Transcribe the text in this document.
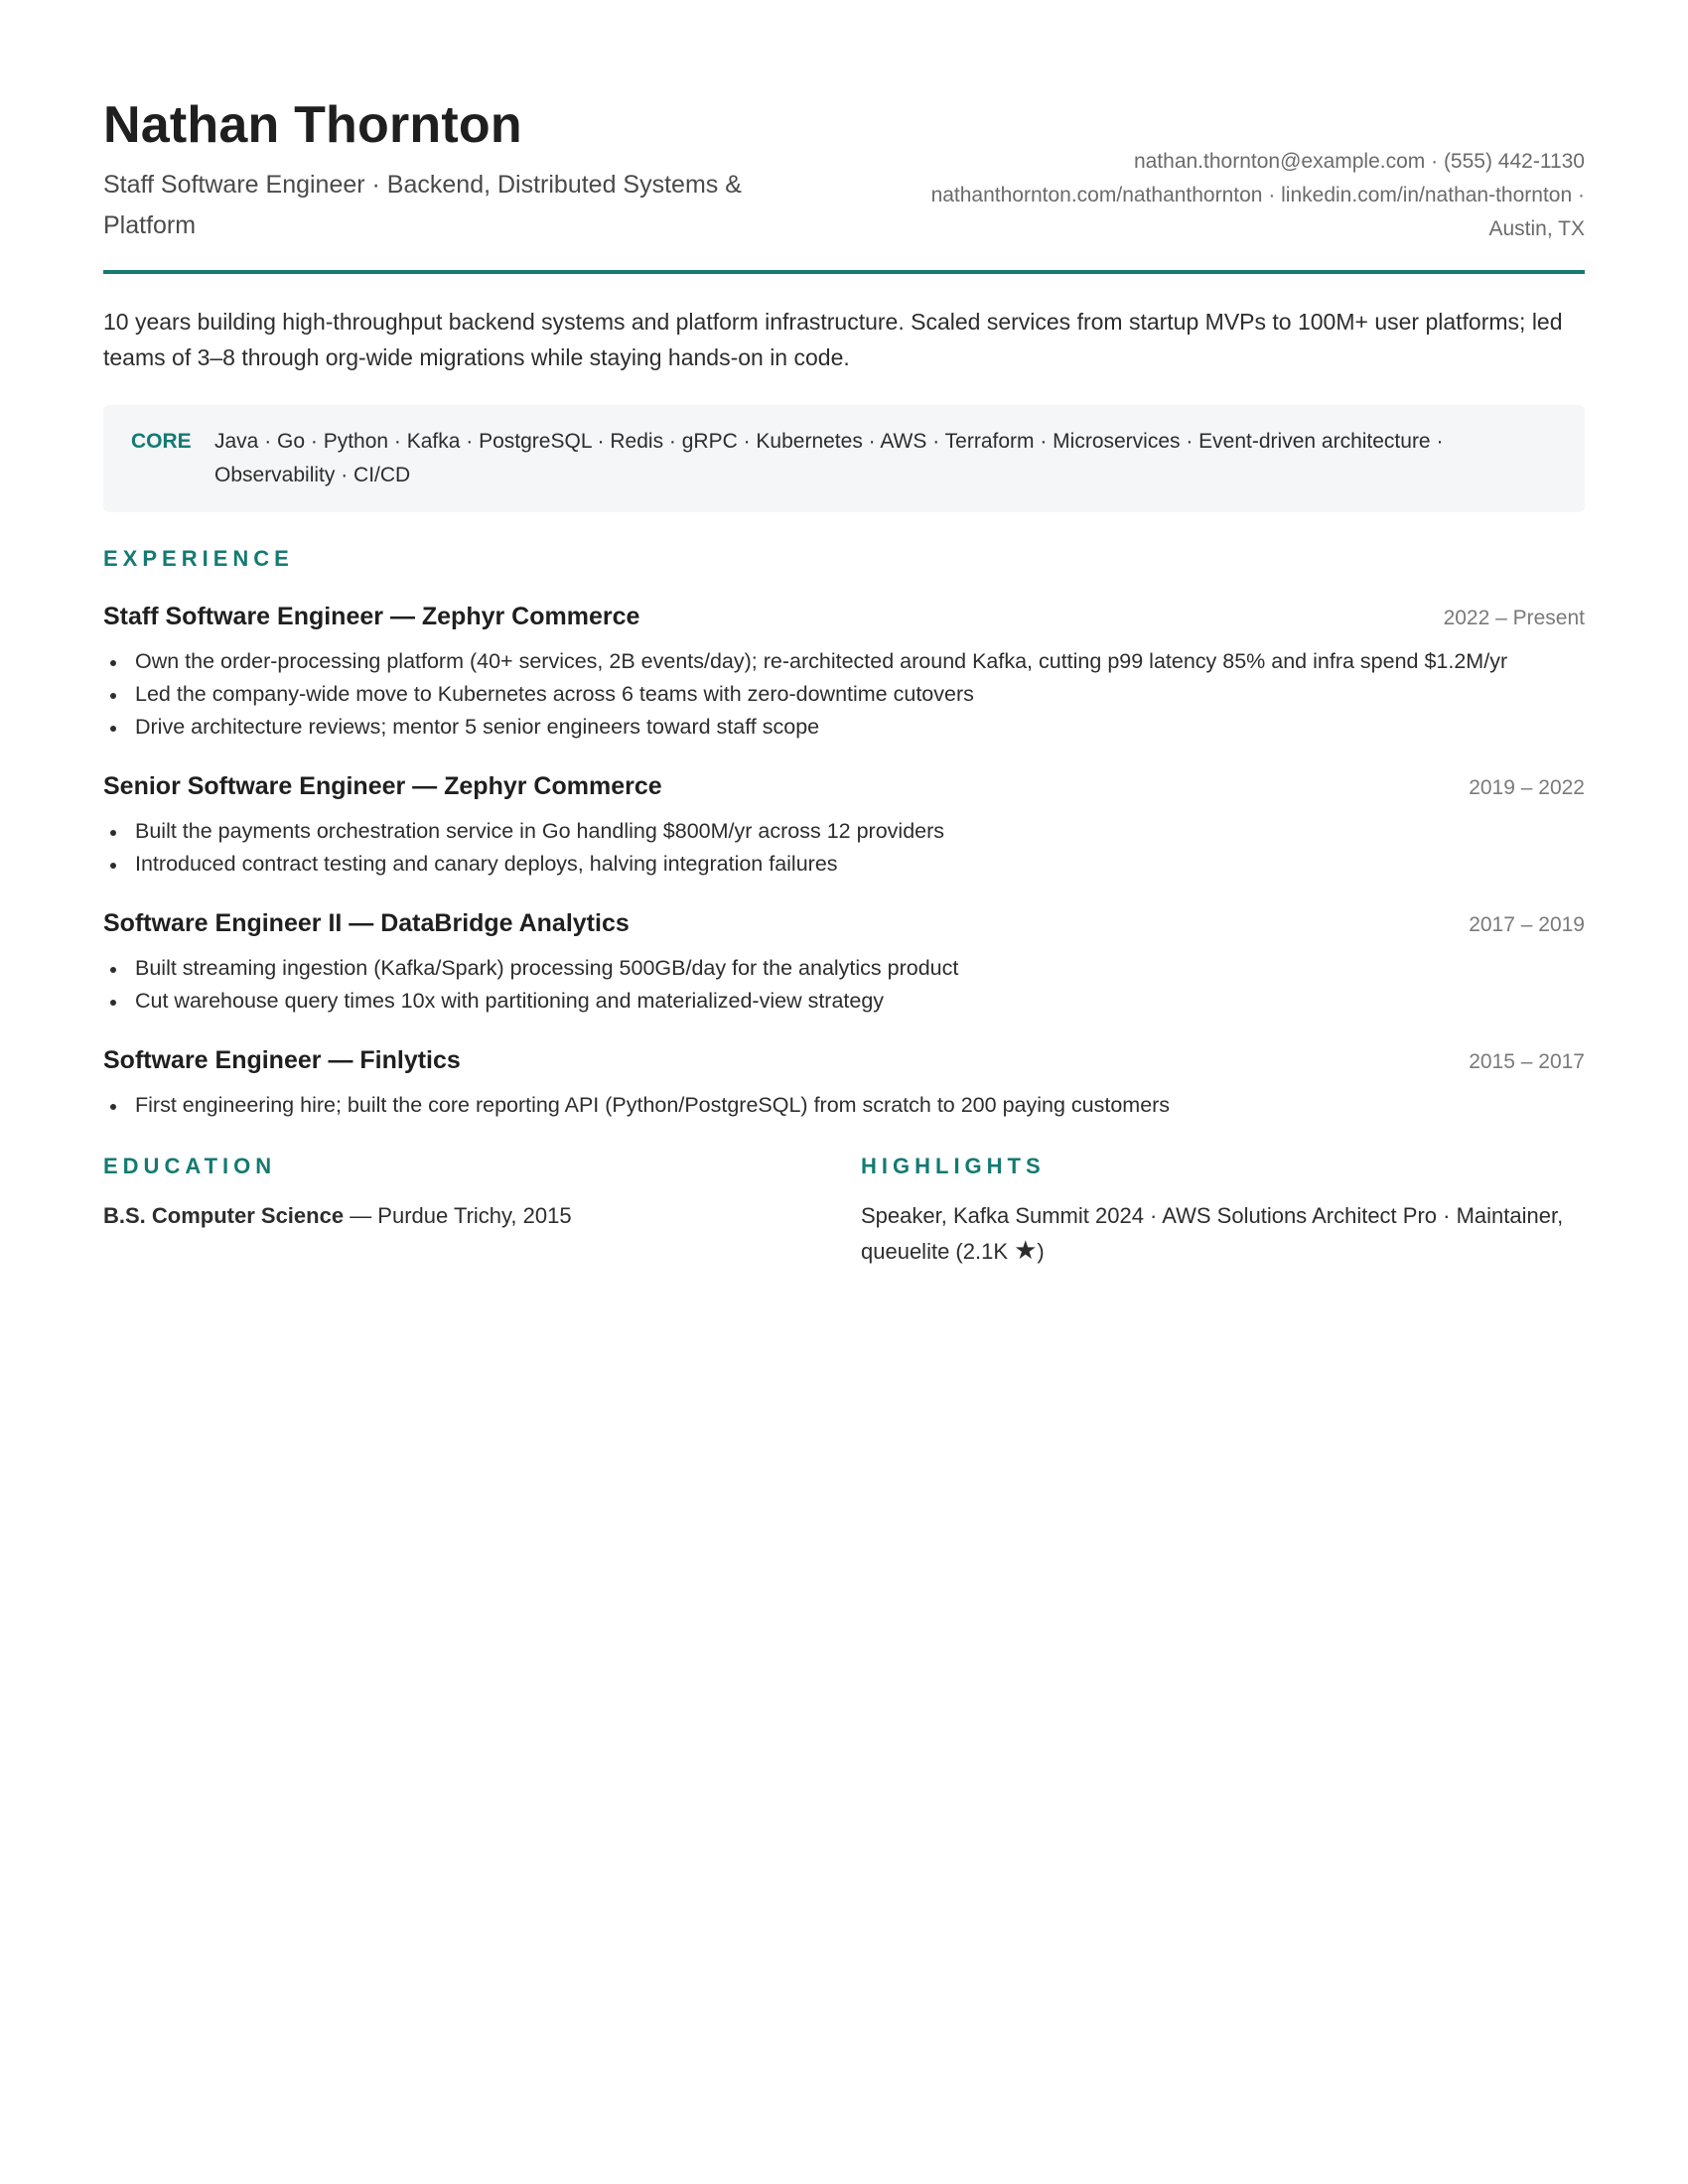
Nathan Thornton
Staff Software Engineer · Backend, Distributed Systems & Platform
nathan.thornton@example.com · (555) 442-1130
nathanthornton.com/nathanthornton · linkedin.com/in/nathan-thornton ·
Austin, TX
10 years building high-throughput backend systems and platform infrastructure. Scaled services from startup MVPs to 100M+ user platforms; led teams of 3–8 through org-wide migrations while staying hands-on in code.
CORE	Java · Go · Python · Kafka · PostgreSQL · Redis · gRPC · Kubernetes · AWS · Terraform · Microservices · Event-driven architecture · Observability · CI/CD
EXPERIENCE
Staff Software Engineer — Zephyr Commerce	2022 – Present
Own the order-processing platform (40+ services, 2B events/day); re-architected around Kafka, cutting p99 latency 85% and infra spend $1.2M/yr
Led the company-wide move to Kubernetes across 6 teams with zero-downtime cutovers
Drive architecture reviews; mentor 5 senior engineers toward staff scope
Senior Software Engineer — Zephyr Commerce	2019 – 2022
Built the payments orchestration service in Go handling $800M/yr across 12 providers
Introduced contract testing and canary deploys, halving integration failures
Software Engineer II — DataBridge Analytics	2017 – 2019
Built streaming ingestion (Kafka/Spark) processing 500GB/day for the analytics product
Cut warehouse query times 10x with partitioning and materialized-view strategy
Software Engineer — Finlytics	2015 – 2017
First engineering hire; built the core reporting API (Python/PostgreSQL) from scratch to 200 paying customers
EDUCATION
B.S. Computer Science — Purdue Trichy, 2015
HIGHLIGHTS
Speaker, Kafka Summit 2024 · AWS Solutions Architect Pro · Maintainer, queuelite (2.1K ★)
